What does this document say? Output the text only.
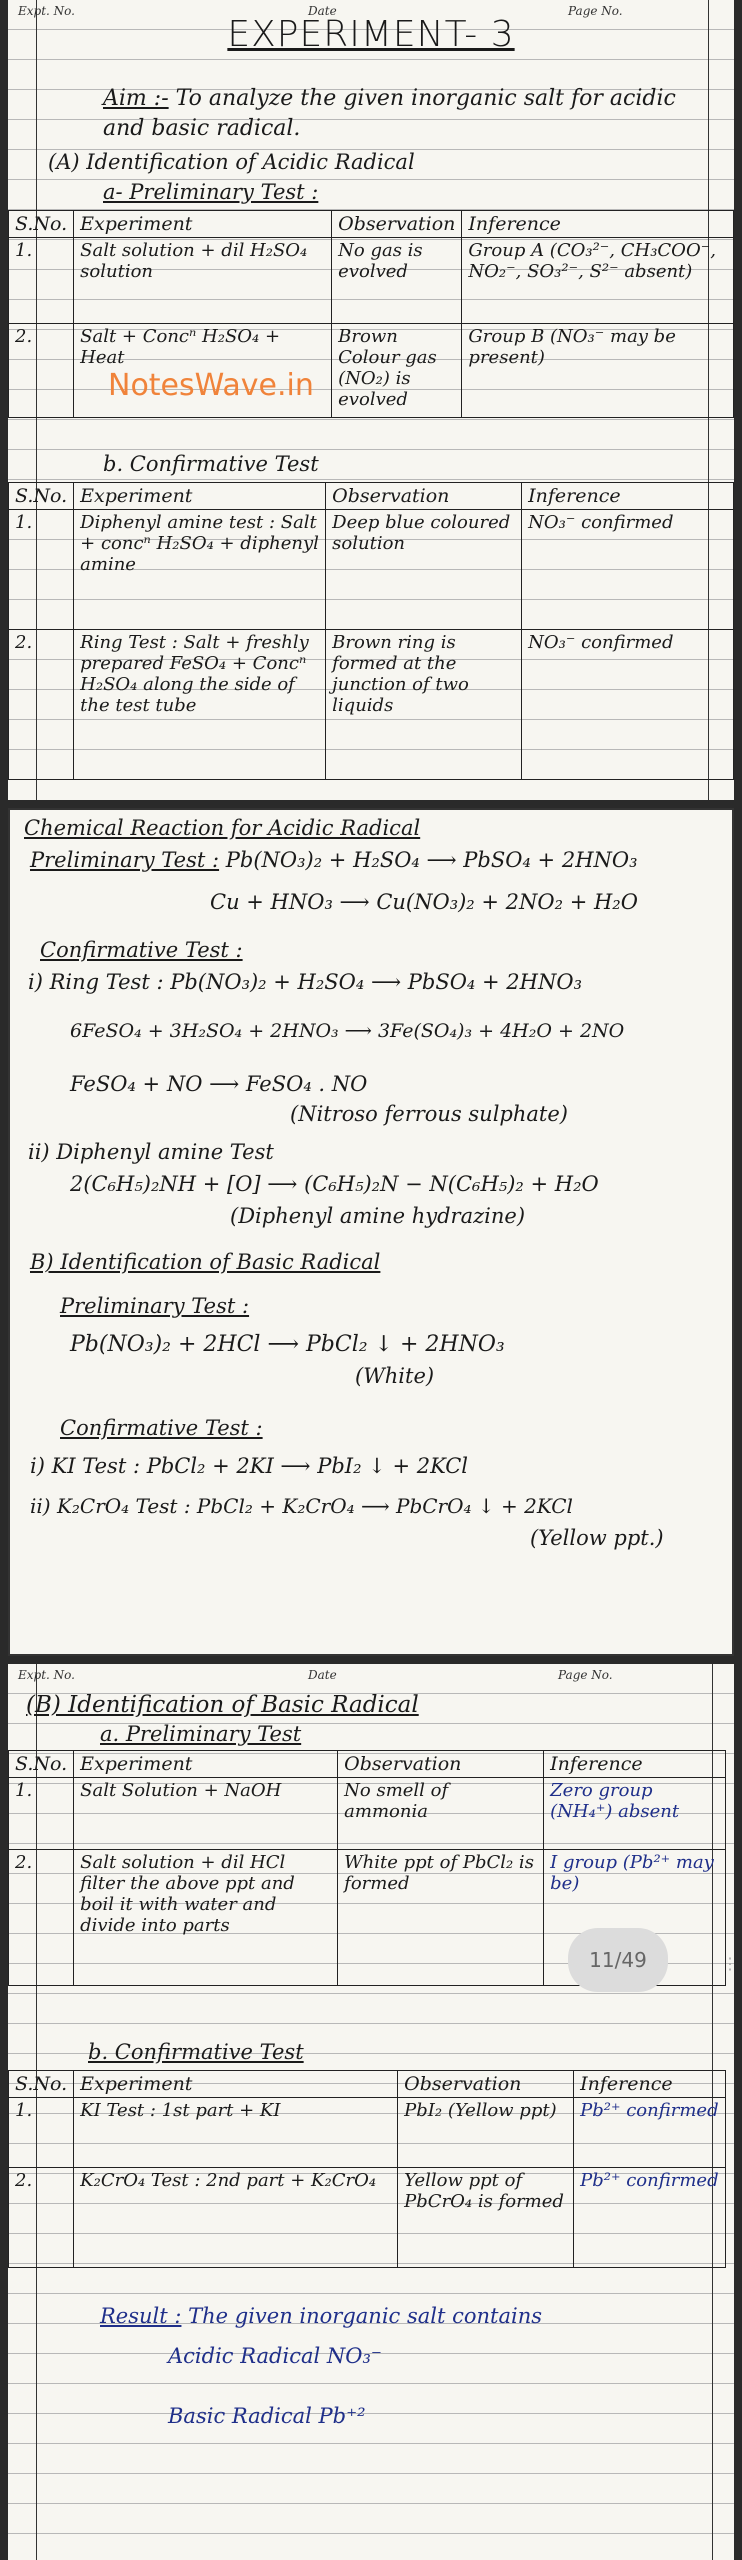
Expt. No.	Date	Page No.
EXPERIMENT- 3
Aim :- To analyze the given inorganic salt for acidic and basic radical.
(A) Identification of Acidic Radical
a- Preliminary Test :
S.No.	Experiment	Observation	Inference
1.	Salt solution + dil H₂SO₄ solution	No gas is evolved	Group A (CO₃²⁻, CH₃COO⁻, NO₂⁻, SO₃²⁻, S²⁻ absent)
2.	Salt + Concⁿ H₂SO₄ + Heat	Brown Colour gas (NO₂) is evolved	Group B (NO₃⁻ may be present)
NotesWave.in
b. Confirmative Test
S.No.	Experiment	Observation	Inference
1.	Diphenyl amine test : Salt + concⁿ H₂SO₄ + diphenyl amine	Deep blue coloured solution	NO₃⁻ confirmed
2.	Ring Test : Salt + freshly prepared FeSO₄ + Concⁿ H₂SO₄ along the side of the test tube	Brown ring is formed at the junction of two liquids	NO₃⁻ confirmed
Chemical Reaction for Acidic Radical
Preliminary Test : Pb(NO₃)₂ + H₂SO₄ ⟶ PbSO₄ + 2HNO₃
Cu + HNO₃ ⟶ Cu(NO₃)₂ + 2NO₂ + H₂O
Confirmative Test :
i) Ring Test : Pb(NO₃)₂ + H₂SO₄ ⟶ PbSO₄ + 2HNO₃
6FeSO₄ + 3H₂SO₄ + 2HNO₃ ⟶ 3Fe(SO₄)₃ + 4H₂O + 2NO
FeSO₄ + NO ⟶ FeSO₄ . NO
(Nitroso ferrous sulphate)
ii) Diphenyl amine Test
2(C₆H₅)₂NH + [O] ⟶ (C₆H₅)₂N − N(C₆H₅)₂ + H₂O
(Diphenyl amine hydrazine)
B) Identification of Basic Radical
Preliminary Test :
Pb(NO₃)₂ + 2HCl ⟶ PbCl₂ ↓ + 2HNO₃
(White)
Confirmative Test :
i) KI Test : PbCl₂ + 2KI ⟶ PbI₂ ↓ + 2KCl
ii) K₂CrO₄ Test : PbCl₂ + K₂CrO₄ ⟶ PbCrO₄ ↓ + 2KCl
(Yellow ppt.)
Expt. No.	Date	Page No.
(B) Identification of Basic Radical
a. Preliminary Test
S.No.	Experiment	Observation	Inference
1.	Salt Solution + NaOH	No smell of ammonia	Zero group (NH₄⁺) absent
2.	Salt solution + dil HCl filter the above ppt and boil it with water and divide into parts	White ppt of PbCl₂ is formed	I group (Pb²⁺ may be)
11/49	⋮
b. Confirmative Test
S.No.	Experiment	Observation	Inference
1.	KI Test : 1st part + KI	PbI₂ (Yellow ppt)	Pb²⁺ confirmed
2.	K₂CrO₄ Test : 2nd part + K₂CrO₄	Yellow ppt of PbCrO₄ is formed	Pb²⁺ confirmed
Result : The given inorganic salt contains
Acidic Radical NO₃⁻
Basic Radical Pb⁺²
